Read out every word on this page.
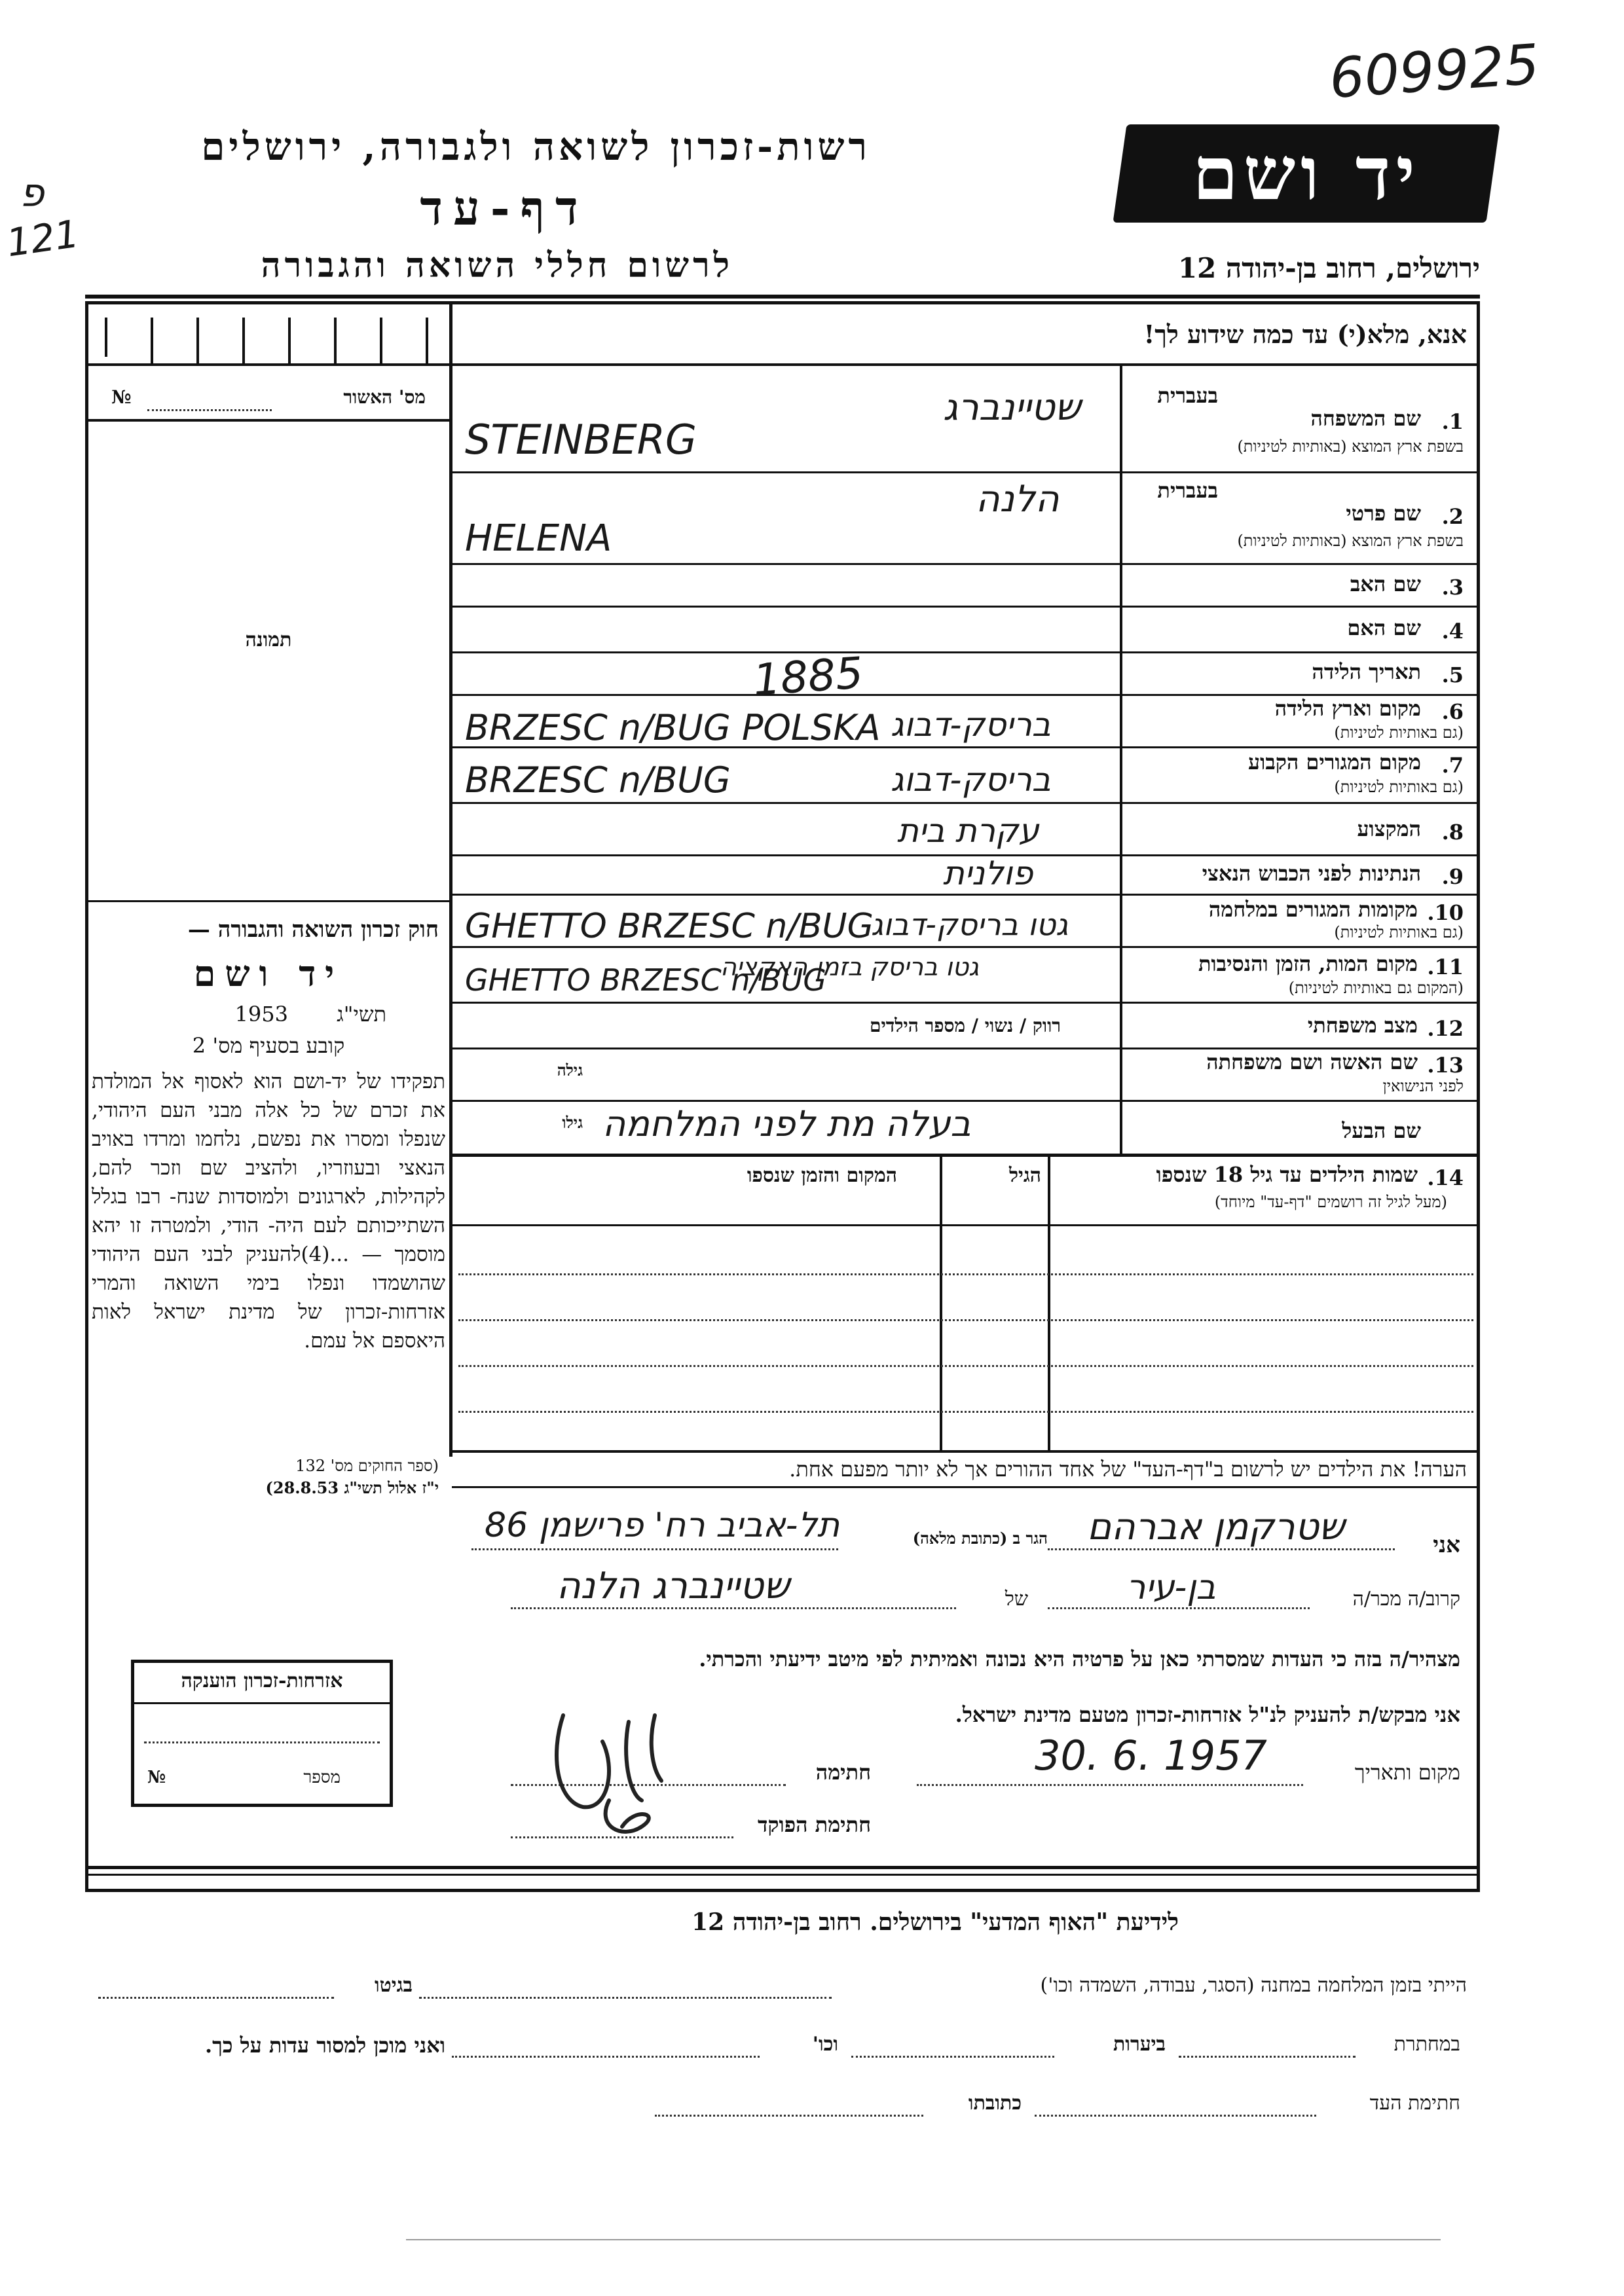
609925
פ
121
רשות-זכרון לשואה ולגבורה, ירושלים
דף-עד
לרשום חללי השואה והגבורה
יד ושם
ירושלים, רחוב בן-יהודה 12
אנא, מלא(י) עד כמה שידוע לך!
מס' האשור
№
תמונה
בעברית
1.
שם המשפחה
בשפת ארץ המוצא (באותיות לטיניות)
שטיינברג
STEINBERG
בעברית
2.
שם פרטי
בשפת ארץ המוצא (באותיות לטיניות)
הלנה
HELENA
3.
שם האב
4.
שם האם
5.
תאריך הלידה
1885
6.
מקום וארץ הלידה
(גם באותיות לטיניות)
בריסק-דבוג
BRZESC n/BUG POLSKA
7.
מקום המגורים הקבוע
(גם באותיות לטיניות)
בריסק-דבוג
BRZESC n/BUG
8.
המקצוע
עקרת בית
9.
הנתינות לפני הכבוש הנאצי
פולנית
10.
מקומות המגורים במלחמה
(גם באותיות לטיניות)
גטו בריסק-דבוג
GHETTO BRZESC n/BUG
11.
מקום המות, הזמן והנסיבות
(המקום גם באותיות לטיניות)
גטו בריסק בזמן האקציה
GHETTO BRZESC n/BUG
12.
מצב משפחתי
רווק / נשוי / מספר הילדים
13.
שם האשה ושם משפחתה
לפני הנישואין
גילה
שם הבעל
גילו בעלה מת לפני המלחמה
14.
שמות הילדים עד גיל 18 שנספו
(מעל לגיל זה רושמים "דף-עד" מיוחד)
הגיל
המקום והזמן שנספו
חוק זכרון השואה והגבורה —
יד ושם
תשי"ג
1953
קובע בסעיף מס' 2
תפקידו של יד-ושם הוא לאסוף אל המולדת את זכרם של כל אלה מבני העם היהודי, שנפלו ומסרו את נפשם, נלחמו ומרדו באויב הנאצי ובעוזריו, ולהציב שם וזכר להם, לקהילות, לארגונים ולמוסדות שנח- רבו בגלל השתייכותם לעם היה- הודי, ולמטרה זו יהא מוסמך — ...(4)להעניק לבני העם היהודי שהושמדו ונפלו בימי השואה והמרי אזרחות-זכרון של מדינת ישראל לאות היאספם אל עמם.
(ספר החוקים מס' 132
י"ז אלול תשי"ג 28.8.53)
הערה! את הילדים יש לרשום ב"דף-העד" של אחד ההורים אך לא יותר מפעם אחת.
אני
שטרקמן אברהם
הגר ב (כתובת מלאה)
תל-אביב רח' פרישמן 86
קרוב/ה מכר/ה
בן-עיר
של
שטיינברג הלנה
מצהיר/ה בזה כי העדות שמסרתי כאן על פרטיה היא נכונה ואמיתית לפי מיטב ידיעתי והכרתי.
אני מבקש/ת להעניק לנ"ל אזרחות-זכרון מטעם מדינת ישראל.
מקום ותאריך
30. 6. 1957
חתימה
חתימת הפוקד
אזרחות-זכרון הוענקה
מספר
№
לידיעת "האוף המדעי" בירושלים. רחוב בן-יהודה 12
הייתי בזמן המלחמה במחנה (הסגר, עבודה, השמדה וכו')
בגיטו
במחתרת
ביערות
וכו'
ואני מוכן למסור עדות על כך.
חתימת העד
כתובתו
